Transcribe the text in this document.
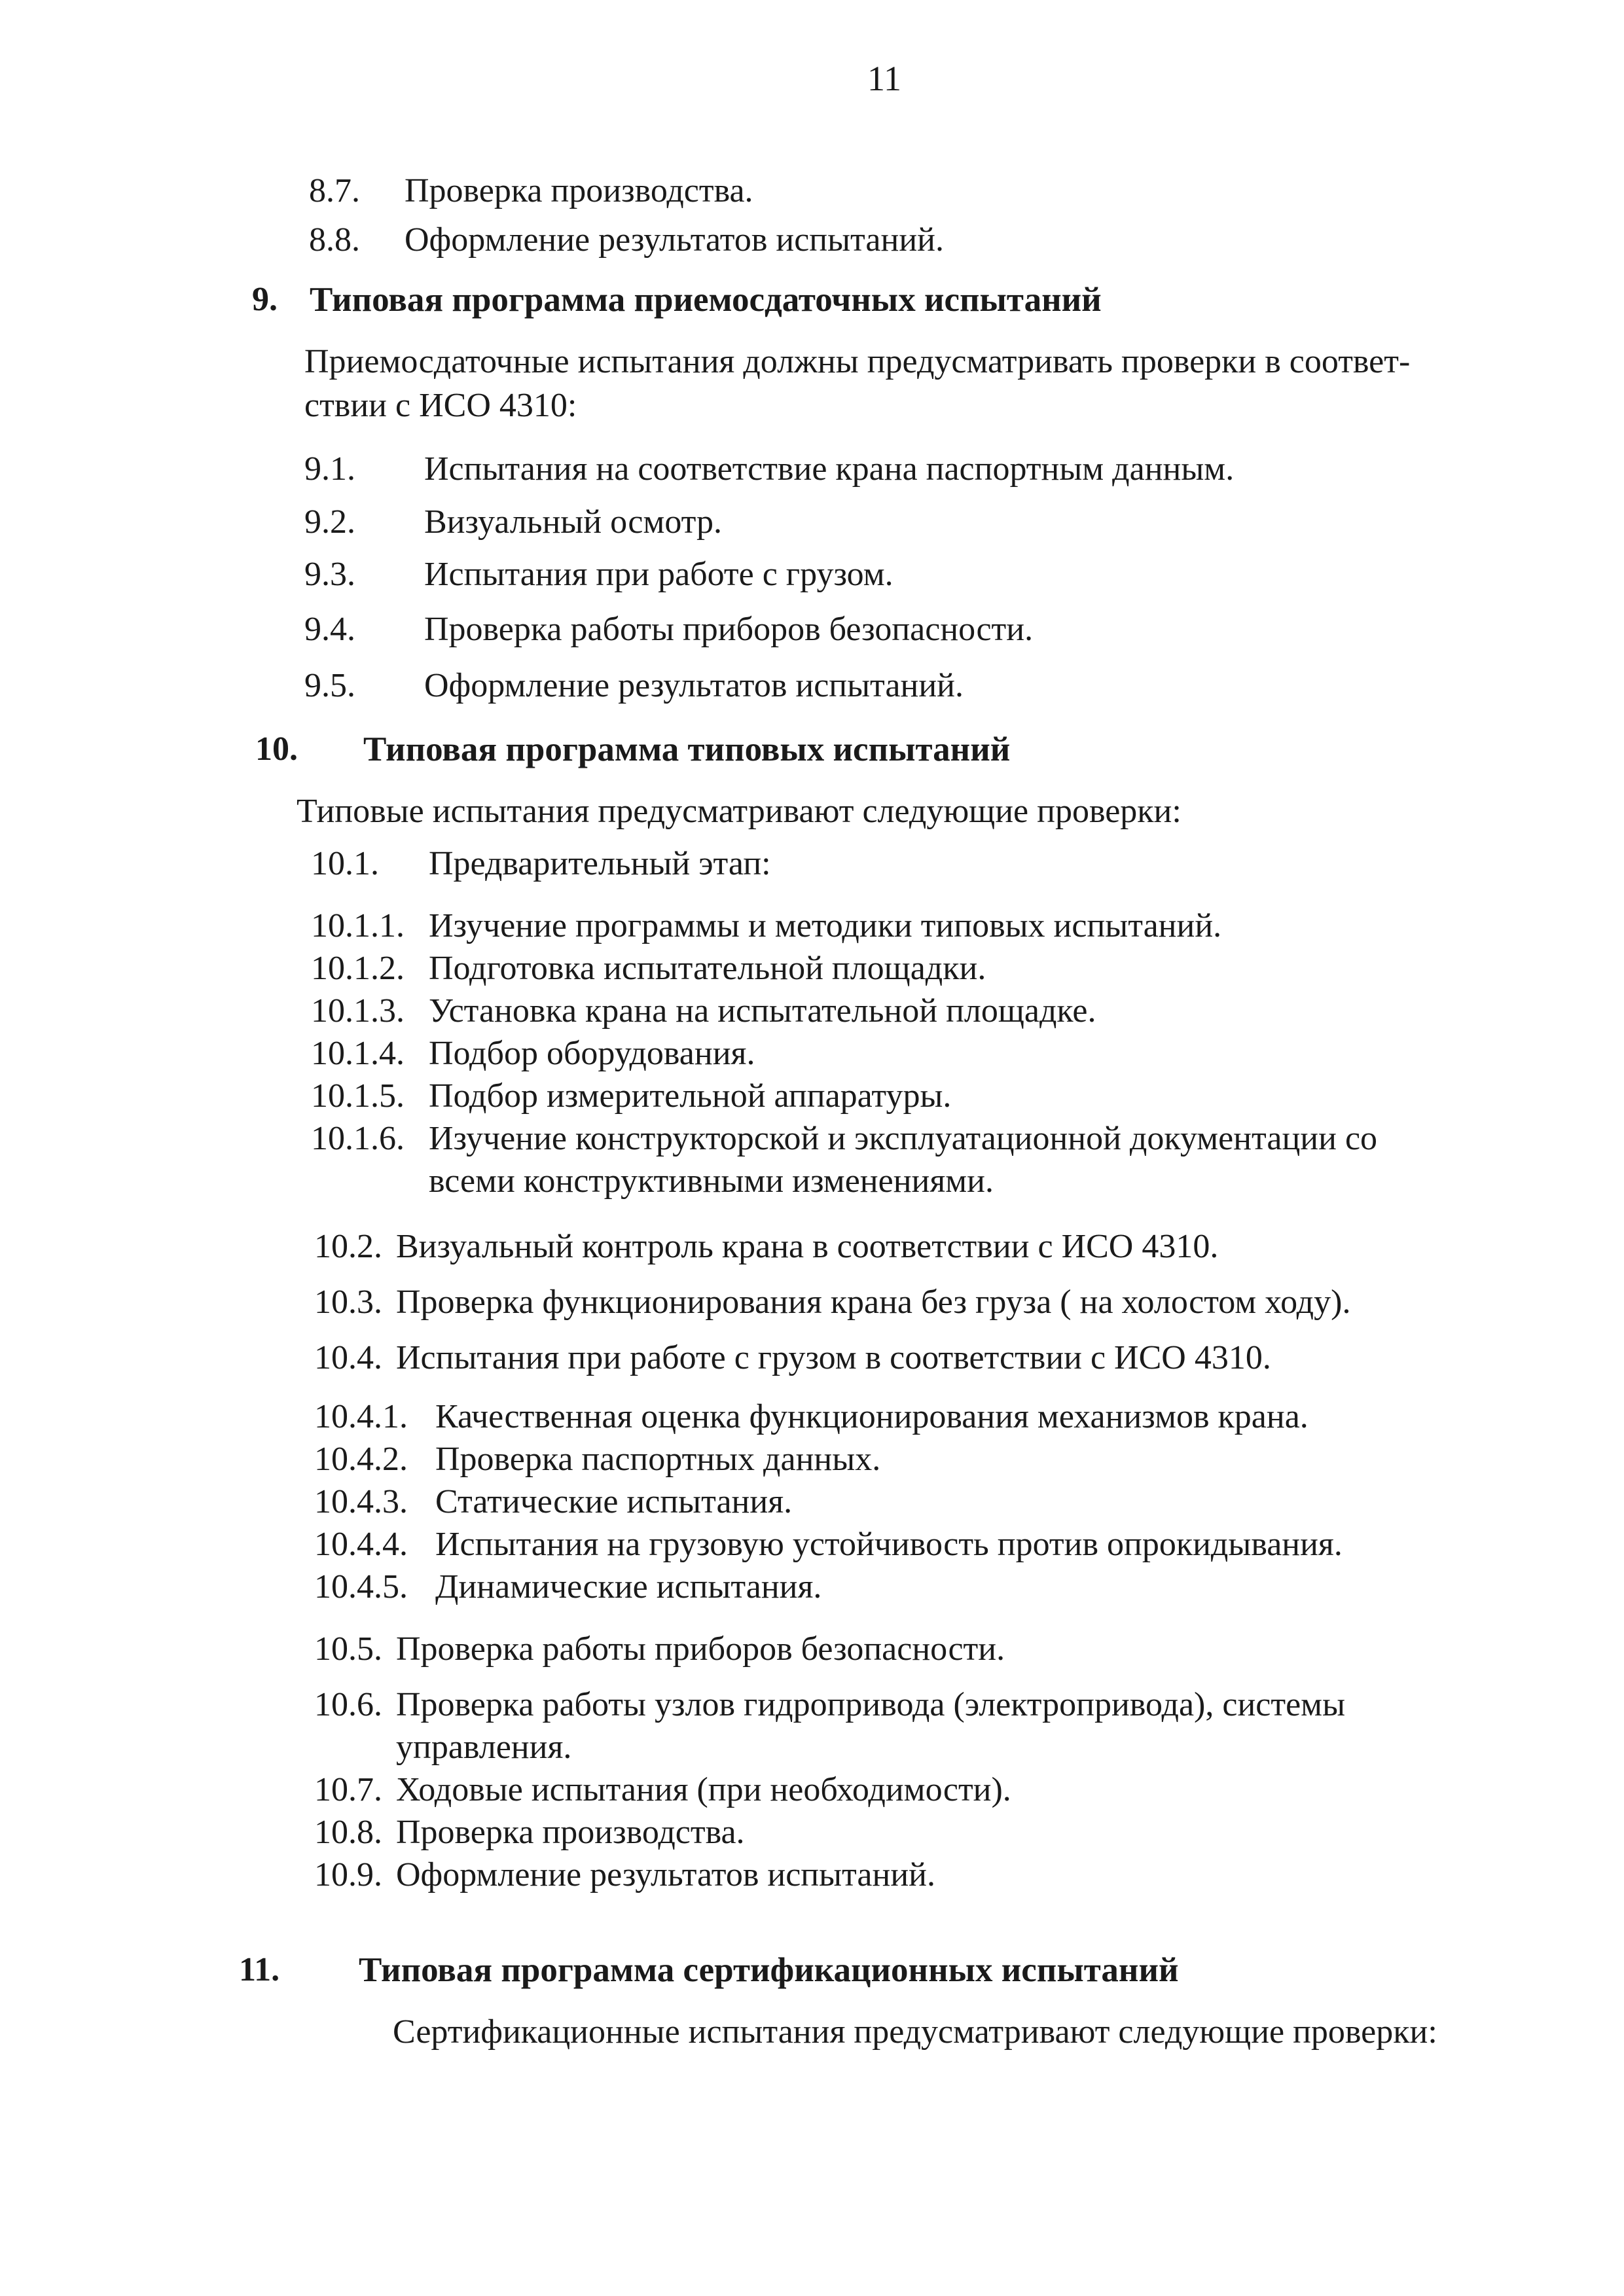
11
8.7. Проверка производства.
8.8. Оформление результатов испытаний.
9. Типовая программа приемосдаточных испытаний
Приемосдаточные испытания должны предусматривать проверки в соответ-
ствии с ИСО 4310:
9.1. Испытания на соответствие крана паспортным данным.
9.2. Визуальный осмотр.
9.3. Испытания при работе с грузом.
9.4. Проверка работы приборов безопасности.
9.5. Оформление результатов испытаний.
10. Типовая программа типовых испытаний
Типовые испытания предусматривают следующие проверки:
10.1. Предварительный этап:
10.1.1. Изучение программы и методики типовых испытаний.
10.1.2. Подготовка испытательной площадки.
10.1.3. Установка крана на испытательной площадке.
10.1.4. Подбор оборудования.
10.1.5. Подбор измерительной аппаратуры.
10.1.6. Изучение конструкторской и эксплуатационной документации со
всеми конструктивными изменениями.
10.2. Визуальный контроль крана в соответствии с ИСО 4310.
10.3. Проверка функционирования крана без груза ( на холостом ходу).
10.4. Испытания при работе с грузом в соответствии с ИСО 4310.
10.4.1. Качественная оценка функционирования механизмов крана.
10.4.2. Проверка паспортных данных.
10.4.3. Статические испытания.
10.4.4. Испытания на грузовую устойчивость против опрокидывания.
10.4.5. Динамические испытания.
10.5. Проверка работы приборов безопасности.
10.6. Проверка работы узлов гидропривода (электропривода), системы
управления.
10.7. Ходовые испытания (при необходимости).
10.8. Проверка производства.
10.9. Оформление результатов испытаний.
11. Типовая программа сертификационных испытаний
Сертификационные испытания предусматривают следующие проверки:
